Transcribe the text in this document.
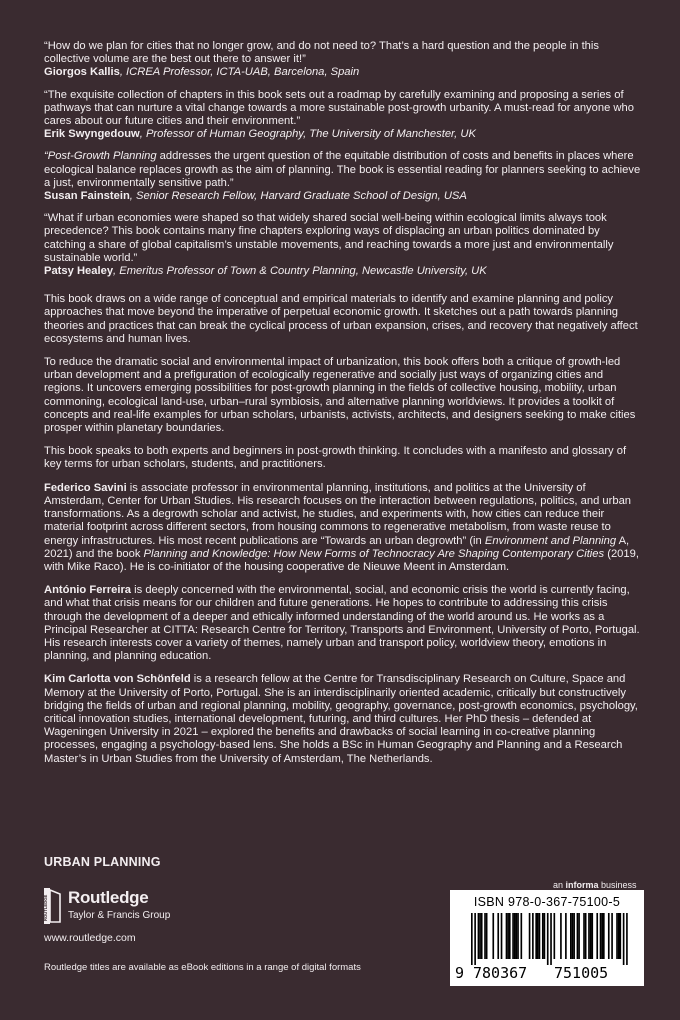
“How do we plan for cities that no longer grow, and do not need to? That’s a hard question and the people in this collective volume are the best out there to answer it!”

Giorgos Kallis, ICREA Professor, ICTA-UAB, Barcelona, Spain

“The exquisite collection of chapters in this book sets out a roadmap by carefully examining and proposing a series of pathways that can nurture a vital change towards a more sustainable post-growth urbanity. A must-read for anyone who cares about our future cities and their environment.”

Erik Swyngedouw, Professor of Human Geography, The University of Manchester, UK

“Post-Growth Planning addresses the urgent question of the equitable distribution of costs and benefits in places where ecological balance replaces growth as the aim of planning. The book is essential reading for planners seeking to achieve a just, environmentally sensitive path.”

Susan Fainstein, Senior Research Fellow, Harvard Graduate School of Design, USA

“What if urban economies were shaped so that widely shared social well-being within ecological limits always took precedence? This book contains many fine chapters exploring ways of displacing an urban politics dominated by catching a share of global capitalism’s unstable movements, and reaching towards a more just and environmentally sustainable world.”

Patsy Healey, Emeritus Professor of Town & Country Planning, Newcastle University, UK

This book draws on a wide range of conceptual and empirical materials to identify and examine planning and policy approaches that move beyond the imperative of perpetual economic growth. It sketches out a path towards planning theories and practices that can break the cyclical process of urban expansion, crises, and recovery that negatively affect ecosystems and human lives.

To reduce the dramatic social and environmental impact of urbanization, this book offers both a critique of growth-led urban development and a prefiguration of ecologically regenerative and socially just ways of organizing cities and regions. It uncovers emerging possibilities for post-growth planning in the fields of collective housing, mobility, urban commoning, ecological land-use, urban–rural symbiosis, and alternative planning worldviews. It provides a toolkit of concepts and real-life examples for urban scholars, urbanists, activists, architects, and designers seeking to make cities prosper within planetary boundaries.

This book speaks to both experts and beginners in post-growth thinking. It concludes with a manifesto and glossary of key terms for urban scholars, students, and practitioners.

Federico Savini is associate professor in environmental planning, institutions, and politics at the University of Amsterdam, Center for Urban Studies. His research focuses on the interaction between regulations, politics, and urban transformations. As a degrowth scholar and activist, he studies, and experiments with, how cities can reduce their material footprint across different sectors, from housing commons to regenerative metabolism, from waste reuse to energy infrastructures. His most recent publications are “Towards an urban degrowth” (in Environment and Planning A, 2021) and the book Planning and Knowledge: How New Forms of Technocracy Are Shaping Contemporary Cities (2019, with Mike Raco). He is co-initiator of the housing cooperative de Nieuwe Meent in Amsterdam.

António Ferreira is deeply concerned with the environmental, social, and economic crisis the world is currently facing, and what that crisis means for our children and future generations. He hopes to contribute to addressing this crisis through the development of a deeper and ethically informed understanding of the world around us. He works as a Principal Researcher at CITTA: Research Centre for Territory, Transports and Environment, University of Porto, Portugal. His research interests cover a variety of themes, namely urban and transport policy, worldview theory, emotions in planning, and planning education.

Kim Carlotta von Schönfeld is a research fellow at the Centre for Transdisciplinary Research on Culture, Space and Memory at the University of Porto, Portugal. She is an interdisciplinarily oriented academic, critically but constructively bridging the fields of urban and regional planning, mobility, geography, governance, post-growth economics, psychology, critical innovation studies, international development, futuring, and third cultures. Her PhD thesis – defended at Wageningen University in 2021 – explored the benefits and drawbacks of social learning in co-creative planning processes, engaging a psychology-based lens. She holds a BSc in Human Geography and Planning and a Research Master’s in Urban Studies from the University of Amsterdam, The Netherlands.

URBAN PLANNING
ROUTLEDGE Routledge
Taylor & Francis Group
www.routledge.com
Routledge titles are available as eBook editions in a range of digital formats
an informa business
ISBN 978-0-367-75100-5
9 780367 751005
